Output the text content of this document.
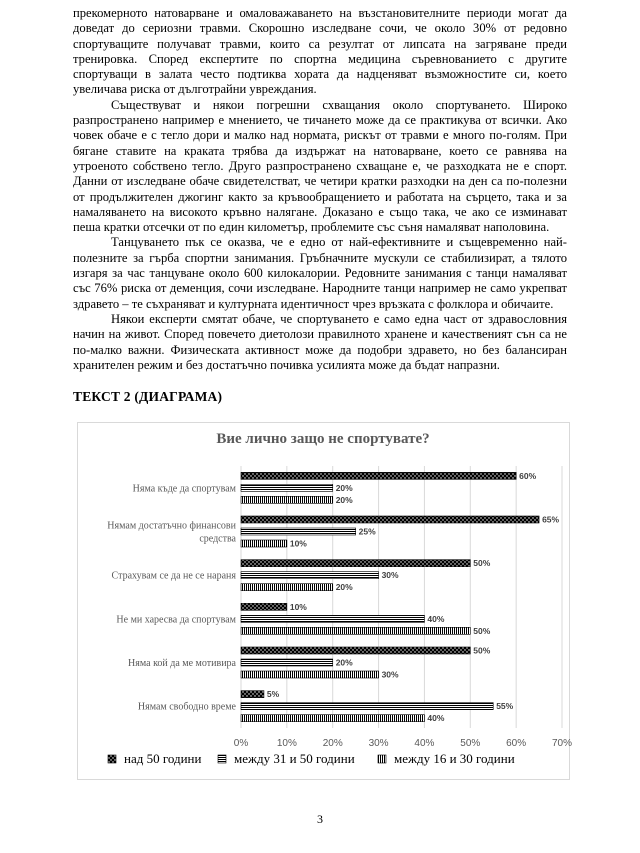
прекомерното натоварване и омаловажаването на възстановителните периоди могат да доведат до сериозни травми. Скорошно изследване сочи, че около 30% от редовно спортуващите получават травми, които са резултат от липсата на загряване преди тренировка. Според експертите по спортна медицина съревнованието с другите спортуващи в залата често подтиква хората да надценяват възможностите си, което увеличава риска от дълготрайни увреждания.

Съществуват и някои погрешни схващания около спортуването. Широко разпространено например е мнението, че тичането може да се практикува от всички. Ако човек обаче е с тегло дори и малко над нормата, рискът от травми е много по-голям. При бягане ставите на краката трябва да издържат на натоварване, което се равнява на утроеното собствено тегло. Друго разпространено схващане е, че разходката не е спорт. Данни от изследване обаче свидетелстват, че четири кратки разходки на ден са по-полезни от продължителен джогинг както за кръвообращението и работата на сърцето, така и за намаляването на високото кръвно налягане. Доказано е също така, че ако се изминават пеша кратки отсечки от по един километър, проблемите със съня намаляват наполовина.

Танцуването пък се оказва, че е едно от най-ефективните и същевременно най-полезните за гърба спортни занимания. Гръбначните мускули се стабилизират, а тялото изгаря за час танцуване около 600 килокалории. Редовните занимания с танци намаляват със 76% риска от деменция, сочи изследване. Народните танци например не само укрепват здравето – те съхраняват и културната идентичност чрез връзката с фолклора и обичаите.

Някои експерти смятат обаче, че спортуването е само една част от здравословния начин на живот. Според повечето диетолози правилното хранене и качественият сън са не по-малко важни. Физическата активност може да подобри здравето, но без балансиран хранителен режим и без достатъчно почивка усилията може да бъдат напразни.

ТЕКСТ 2 (ДИАГРАМА)
Вие лично защо не спортувате?
Няма къде да спортувам
60%
20%
20%
Нямам достатъчно финансови средства
65%
25%
10%
Страхувам се да не се нараня
50%
30%
20%
Не ми харесва да спортувам
10%
40%
50%
Няма кой да ме мотивира
50%
20%
30%
Нямам свободно време
5%
55%
40%
0%	10%	20%	30%	40%	50%	60%	70%
над 50 години	между 31 и 50 години	между 16 и 30 години
3
